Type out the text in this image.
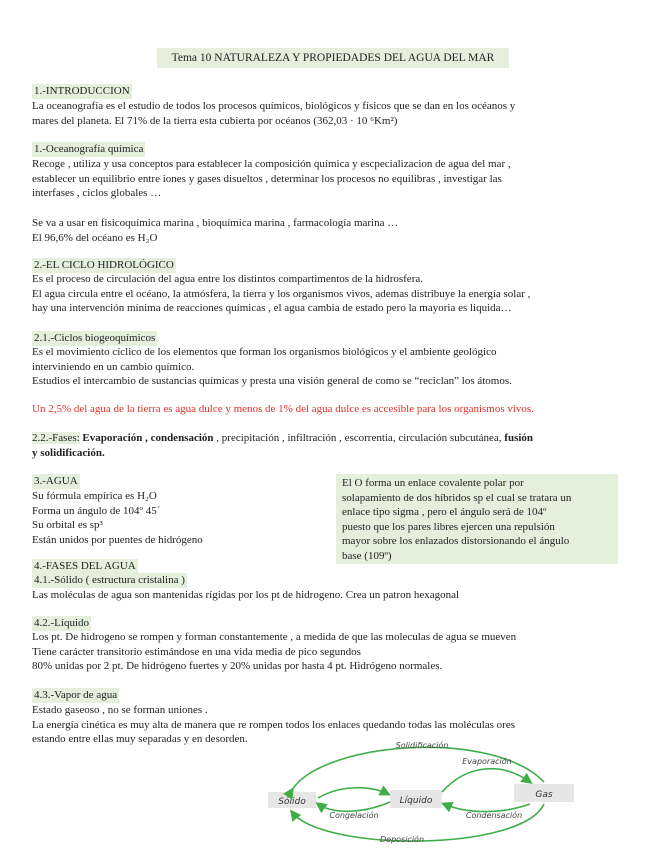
Tema 10 NATURALEZA Y PROPIEDADES DEL AGUA DEL MAR
1.-INTRODUCCION
La oceanografía es el estudio de todos los procesos químicos, biológicos y físicos que se dan en los océanos y
mares del planeta. El 71% de la tierra esta cubierta por océanos (362,03 · 10 ⁶Km²)
1.-Oceanografía química
Recoge , utiliza y usa conceptos para establecer la composición química y escpecializacion de agua del mar ,
establecer un equilibrio entre iones y gases disueltos , determinar los procesos no equilibras , investigar las
interfases , ciclos globales …
Se va a usar en fisicoquímica marina , bioquímica marina , farmacología marina …
El 96,6% del océano es H₂O
2.-EL CICLO HIDROLÓGICO
Es el proceso de circulación del agua entre los distintos compartimentos de la hidrosfera.
El agua circula entre el océano, la atmósfera, la tierra y los organismos vivos, ademas distribuye la energía solar ,
hay una intervención mínima de reacciones químicas , el agua cambia de estado pero la mayoria es liquida…
2.1.-Ciclos biogeoquímicos
Es el movimiento cíclico de los elementos que forman los organismos biológicos y el ambiente geológico
interviniendo en un cambio químico.
Estudios el intercambio de sustancias químicas y presta una visión general de como se “reciclan” los átomos.
Un 2,5% del agua de la tierra es agua dulce y menos de 1% del agua dulce es accesible para los organismos vivos.
2.2.-Fases: Evaporación , condensación , precipitación , infiltración , escorrentia, circulación subcutánea, fusión
y solidificación.
3.-AGUA
Su fórmula empírica es H₂O
Forma un ángulo de 104º 45´
Su orbital es sp³
Están unidos por puentes de hidrógeno
El O forma un enlace covalente polar por
solapamiento de dos híbridos sp el cual se tratara un
enlace tipo sigma , pero el ángulo será de 104º
puesto que los pares libres ejercen una repulsión
mayor sobre los enlazados distorsionando el ángulo
base (109º)
4.-FASES DEL AGUA
4.1.-Sólido ( estructura cristalina )
Las moléculas de agua son mantenidas rígidas por los pt de hidrogeno. Crea un patron hexagonal
4.2.-Líquido
Los pt. De hidrogeno se rompen y forman constantemente , a medida de que las moleculas de agua se mueven
Tiene carácter transitorio estimándose en una vida media de pico segundos
80% unidas por 2 pt. De hidrógeno fuertes y 20% unidas por hasta 4 pt. Hidrógeno normales.
4.3.-Vapor de agua
Estado gaseoso , no se forman uniones .
La energía cinética es muy alta de manera que re rompen todos los enlaces quedando todas las moléculas ores
estando entre ellas muy separadas y en desorden.
Sólido	Líquido
Gas
Solidificación
Evaporación
Congelación	Condensación
Deposición
